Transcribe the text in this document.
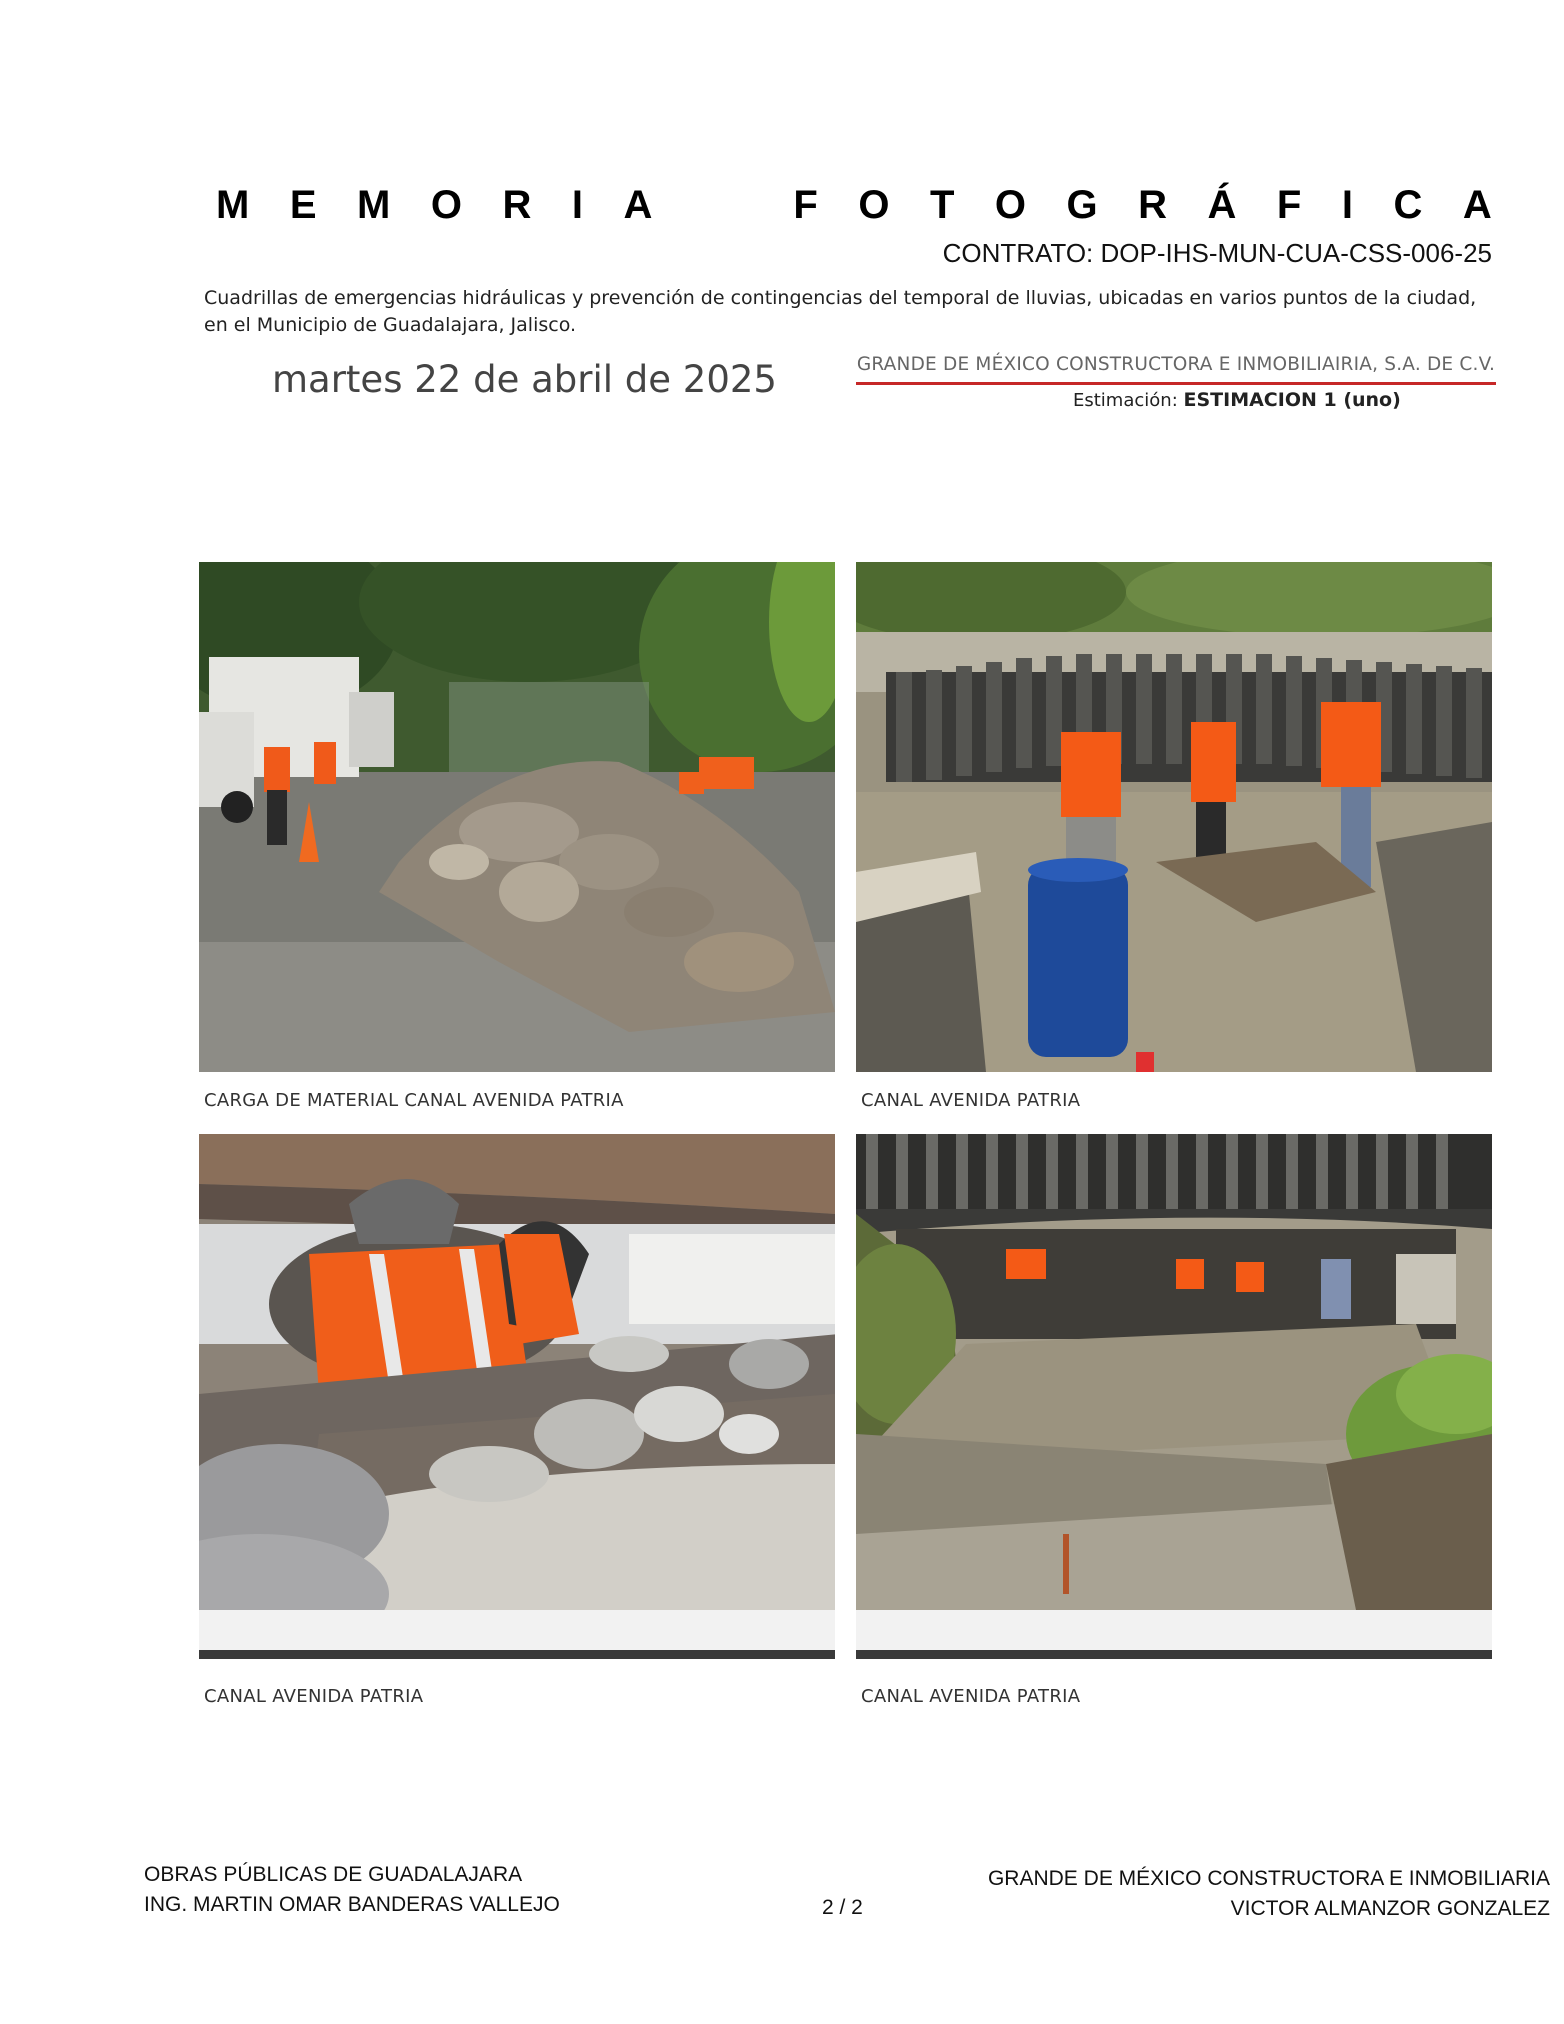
M E M O R I A	F O T O G R Á F I C A
CONTRATO: DOP-IHS-MUN-CUA-CSS-006-25
Cuadrillas de emergencias hidráulicas y prevención de contingencias del temporal de lluvias, ubicadas en varios puntos de la ciudad, en el Municipio de Guadalajara, Jalisco.
martes 22 de abril de 2025	GRANDE DE MÉXICO CONSTRUCTORA E INMOBILIAIRIA, S.A. DE C.V.
Estimación: ESTIMACION 1 (uno)
CARGA DE MATERIAL CANAL AVENIDA PATRIA	CANAL AVENIDA PATRIA
CANAL AVENIDA PATRIA	CANAL AVENIDA PATRIA
OBRAS PÚBLICAS DE GUADALAJARA
ING. MARTIN OMAR BANDERAS VALLEJO	2 / 2
GRANDE DE MÉXICO CONSTRUCTORA E INMOBILIARIA
VICTOR ALMANZOR GONZALEZ
